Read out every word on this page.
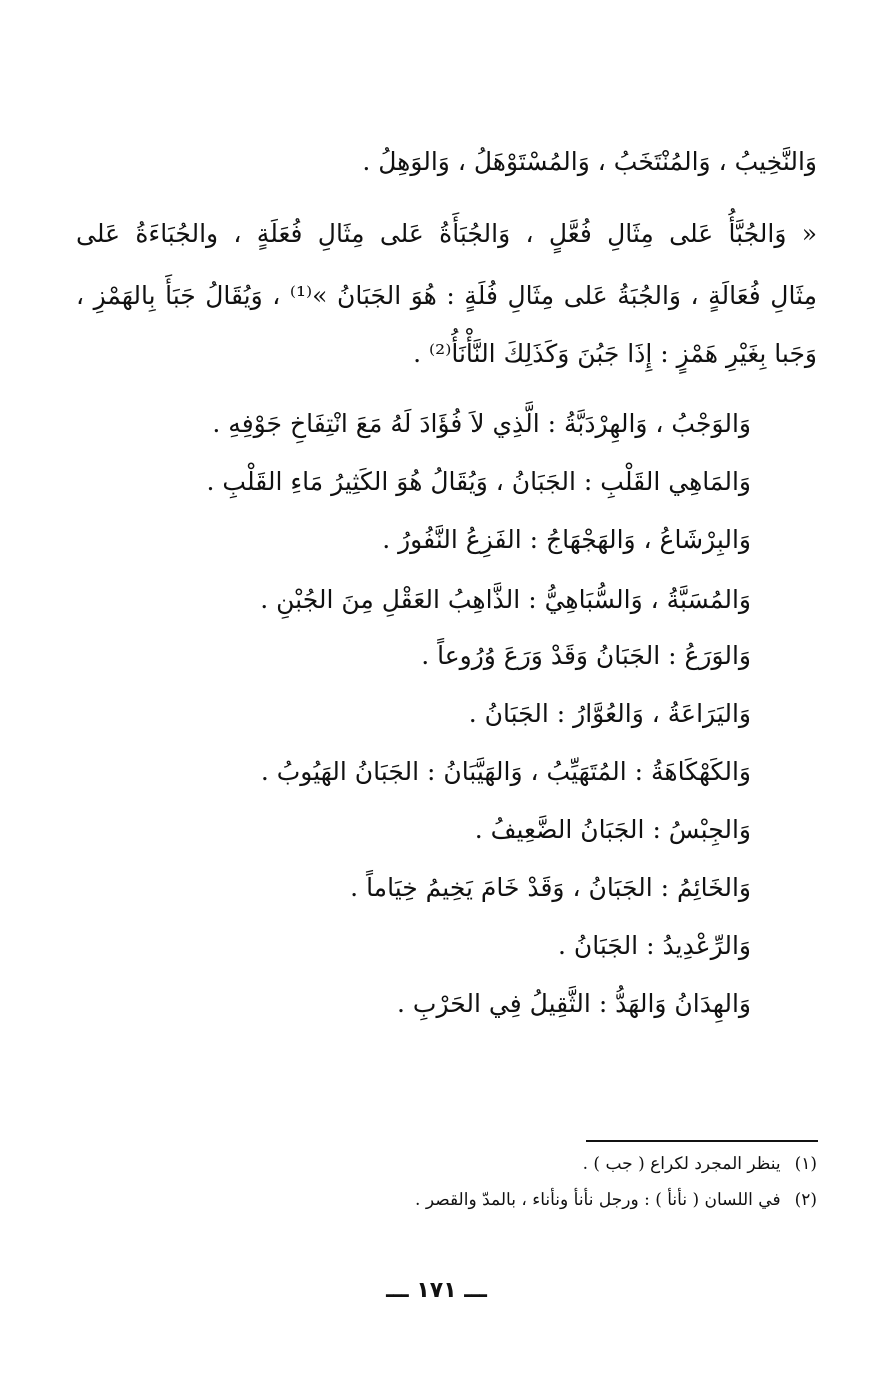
وَالنَّخِيبُ ، وَالمُنْتَخَبُ ، وَالمُسْتَوْهَلُ ، وَالوَهِلُ .
« وَالجُبَّأُ عَلى مِثَالِ فُعَّلٍ ، وَالجُبَأَةُ عَلى مِثَالِ فُعَلَةٍ ، والجُبَاءَةُ عَلى
مِثَالِ فُعَالَةٍ ، وَالجُبَةُ عَلى مِثَالِ فُلَةٍ : هُوَ الجَبَانُ »⁽¹⁾ ، وَيُقَالُ جَبَأَ بِالهَمْزِ ،
وَجَبا بِغَيْرِ هَمْزٍ : إِذَا جَبُنَ وَكَذَلِكَ النَّأْنَأُ⁽²⁾ .
وَالوَجْبُ ، وَالهِرْدَبَّةُ : الَّذِي لاَ فُؤَادَ لَهُ مَعَ انْتِفَاخِ جَوْفِهِ .
وَالمَاهِي القَلْبِ : الجَبَانُ ، وَيُقَالُ هُوَ الكَثِيرُ مَاءِ القَلْبِ .
وَالبِرْشَاعُ ، وَالهَجْهَاجُ : الفَزِعُ النَّفُورُ .
وَالمُسَبَّةُ ، وَالسُّبَاهِيُّ : الذَّاهِبُ العَقْلِ مِنَ الجُبْنِ .
وَالوَرَعُ : الجَبَانُ وَقَدْ وَرَعَ وُرُوعاً .
وَاليَرَاعَةُ ، وَالعُوَّارُ : الجَبَانُ .
وَالكَهْكَاهَةُ : المُتَهَيِّبُ ، وَالهَيَّبَانُ : الجَبَانُ الهَيُوبُ .
وَالجِبْسُ : الجَبَانُ الضَّعِيفُ .
وَالخَائِمُ : الجَبَانُ ، وَقَدْ خَامَ يَخِيمُ خِيَاماً .
وَالرِّعْدِيدُ : الجَبَانُ .
وَالهِدَانُ وَالهَدُّ : الثَّقِيلُ فِي الحَرْبِ .
(١)ينظر المجرد لكراع ( جب ) .
(٢)في اللسان ( نأنأ ) : ورجل نأنأ ونأناء ، بالمدّ والقصر .
ـــ ١٧١ ـــ
